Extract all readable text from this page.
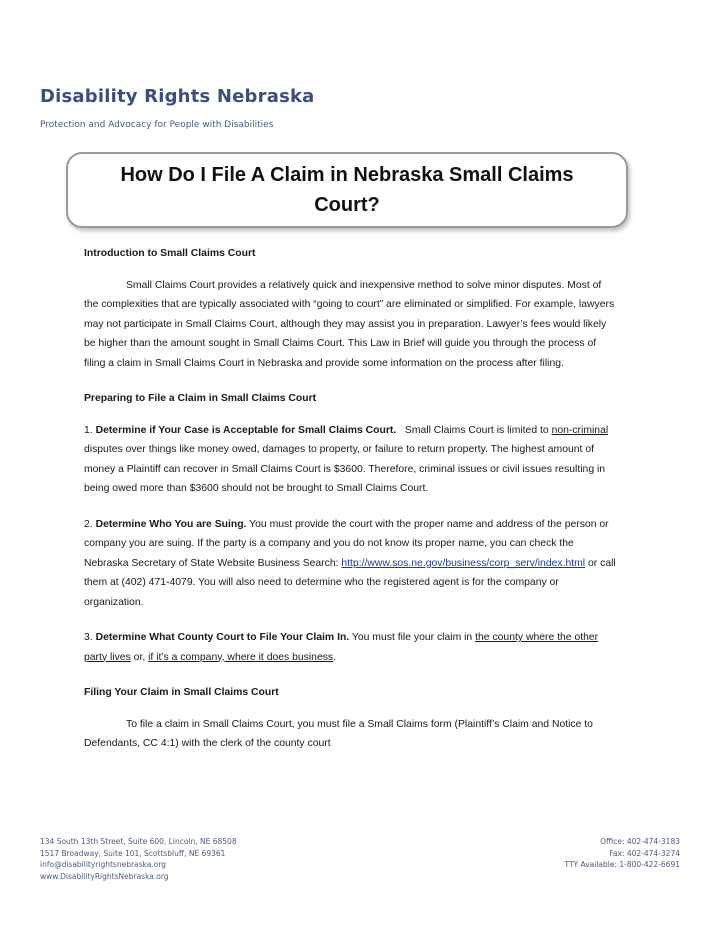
Disability Rights Nebraska
Protection and Advocacy for People with Disabilities
How Do I File A Claim in Nebraska Small Claims Court?
Introduction to Small Claims Court
Small Claims Court provides a relatively quick and inexpensive method to solve minor disputes. Most of the complexities that are typically associated with “going to court” are eliminated or simplified. For example, lawyers may not participate in Small Claims Court, although they may assist you in preparation. Lawyer’s fees would likely be higher than the amount sought in Small Claims Court. This Law in Brief will guide you through the process of filing a claim in Small Claims Court in Nebraska and provide some information on the process after filing.
Preparing to File a Claim in Small Claims Court
1. Determine if Your Case is Acceptable for Small Claims Court. Small Claims Court is limited to non-criminal disputes over things like money owed, damages to property, or failure to return property. The highest amount of money a Plaintiff can recover in Small Claims Court is $3600. Therefore, criminal issues or civil issues resulting in being owed more than $3600 should not be brought to Small Claims Court.
2. Determine Who You are Suing. You must provide the court with the proper name and address of the person or company you are suing. If the party is a company and you do not know its proper name, you can check the Nebraska Secretary of State Website Business Search: http://www.sos.ne.gov/business/corp_serv/index.html or call them at (402) 471-4079. You will also need to determine who the registered agent is for the company or organization.
3. Determine What County Court to File Your Claim In. You must file your claim in the county where the other party lives or, if it’s a company, where it does business.
Filing Your Claim in Small Claims Court
To file a claim in Small Claims Court, you must file a Small Claims form (Plaintiff’s Claim and Notice to Defendants, CC 4:1) with the clerk of the county court
134 South 13th Street, Suite 600, Lincoln, NE 68508
1517 Broadway, Suite 101, Scottsbluff, NE 69361
info@disabilityrightsnebraska.org
www.DisabilityRightsNebraska.org
Office: 402-474-3183
Fax: 402-474-3274
TTY Available: 1-800-422-6691
